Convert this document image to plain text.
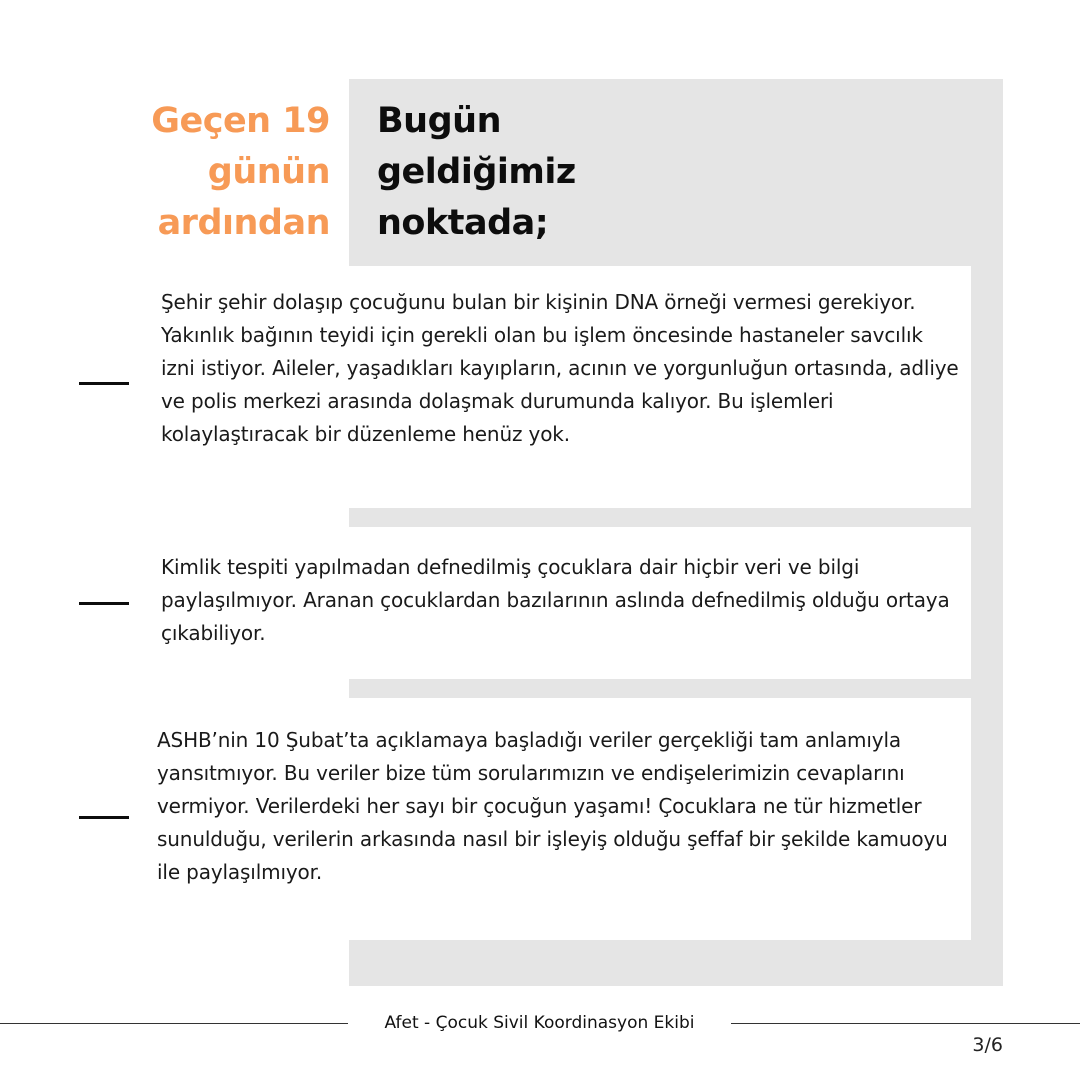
Geçen 19
günün
ardından
Bugün
geldiğimiz
noktada;
Şehir şehir dolaşıp çocuğunu bulan bir kişinin DNA örneği vermesi gerekiyor. Yakınlık bağının teyidi için gerekli olan bu işlem öncesinde hastaneler savcılık izni istiyor. Aileler, yaşadıkları kayıpların, acının ve yorgunluğun ortasında, adliye ve polis merkezi arasında dolaşmak durumunda kalıyor. Bu işlemleri kolaylaştıracak bir düzenleme henüz yok.
Kimlik tespiti yapılmadan defnedilmiş çocuklara dair hiçbir veri ve bilgi paylaşılmıyor. Aranan çocuklardan bazılarının aslında defnedilmiş olduğu ortaya çıkabiliyor.
ASHB’nin 10 Şubat’ta açıklamaya başladığı veriler gerçekliği tam anlamıyla yansıtmıyor. Bu veriler bize tüm sorularımızın ve endişelerimizin cevaplarını vermiyor. Verilerdeki her sayı bir çocuğun yaşamı! Çocuklara ne tür hizmetler sunulduğu, verilerin arkasında nasıl bir işleyiş olduğu şeffaf bir şekilde kamuoyu ile paylaşılmıyor.
Afet - Çocuk Sivil Koordinasyon Ekibi
3/6
